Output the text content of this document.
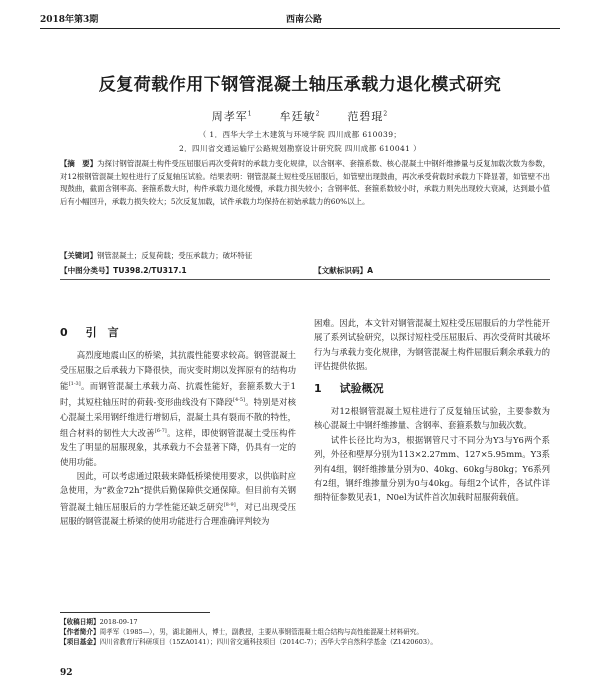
2018年第3期	西南公路
反复荷载作用下钢管混凝土轴压承载力退化模式研究
周孝军$^1$ 牟廷敏$^2$ 范碧琨$^2$
（ 1．西华大学土木建筑与环境学院 四川成都 610039；
2．四川省交通运输厅公路规划勘察设计研究院 四川成都 610041 ）
【摘　要】为探讨钢管混凝土构件受压屈服后再次受荷时的承载力变化规律，以含钢率、套箍系数、核心混凝土中钢纤维掺量与反复加载次数为参数，对12根钢管混凝土短柱进行了反复轴压试验。结果表明：钢管混凝土短柱受压屈服后，如管壁出现鼓曲，再次承受荷载时承载力下降显著，如管壁不出现鼓曲，截面含钢率高、套箍系数大时，构件承载力退化缓慢，承载力损失较小；含钢率低、套箍系数较小时，承载力则先出现较大衰减，达到最小值后有小幅回升，承载力损失较大；5次反复加载，试件承载力均保持在初始承载力的60%以上。
【关键词】钢管混凝土；反复荷载；受压承载力；破坏特征
【中图分类号】TU398.2/TU317.1	【文献标识码】A
0 引　言

高烈度地震山区的桥梁，其抗震性能要求较高。钢管混凝土受压屈服之后承载力下降很快，而灾变时期以发挥原有的结构功能[1-3]。而钢管混凝土承载力高、抗震性能好，套箍系数大于1时，其短柱轴压时的荷载-变形曲线没有下降段[4-5]。特别是对核心混凝土采用钢纤维进行增韧后，混凝土具有裂而不散的特性，组合材料的韧性大大改善[6-7]。这样，即使钢管混凝土受压构件发生了明显的屈服现象，其承载力不会显著下降，仍具有一定的使用功能。

因此，可以考虑通过限载来降低桥梁使用要求，以供临时应急使用，为“救金72h”提供后勤保障供交通保障。但目前有关钢管混凝土轴压屈服后的力学性能还缺乏研究[8-9]，对已出现受压屈服的钢管混凝土桥梁的使用功能进行合理准确评判较为

困难。因此，本文针对钢管混凝土短柱受压屈服后的力学性能开展了系列试验研究，以探讨短柱受压屈服后、再次受荷时其破坏行为与承载力变化规律，为钢管混凝土构件屈服后剩余承载力的评估提供依据。

1 试验概况

对12根钢管混凝土短柱进行了反复轴压试验，主要参数为核心混凝土中钢纤维掺量、含钢率、套箍系数与加载次数。

试件长径比均为3，根据钢管尺寸不同分为Y3与Y6两个系列，外径和壁厚分别为113×2.27mm、127×5.95mm。Y3系列有4组，钢纤维掺量分别为0、40kg、60kg与80kg；Y6系列有2组，钢纤维掺量分别为0与40kg。每组2个试件，各试件详细特征参数见表1，N0el为试件首次加载时屈服荷载值。

【收稿日期】2018-09-17
【作者简介】周孝军（1985—），男，湖北随州人，博士，副教授，主要从事钢管混凝土组合结构与高性能混凝土材料研究。
【项目基金】四川省教育厅科研项目（15ZA0141）；四川省交通科技项目（2014C-7）；西华大学自然科学基金（Z1420603）。
92
